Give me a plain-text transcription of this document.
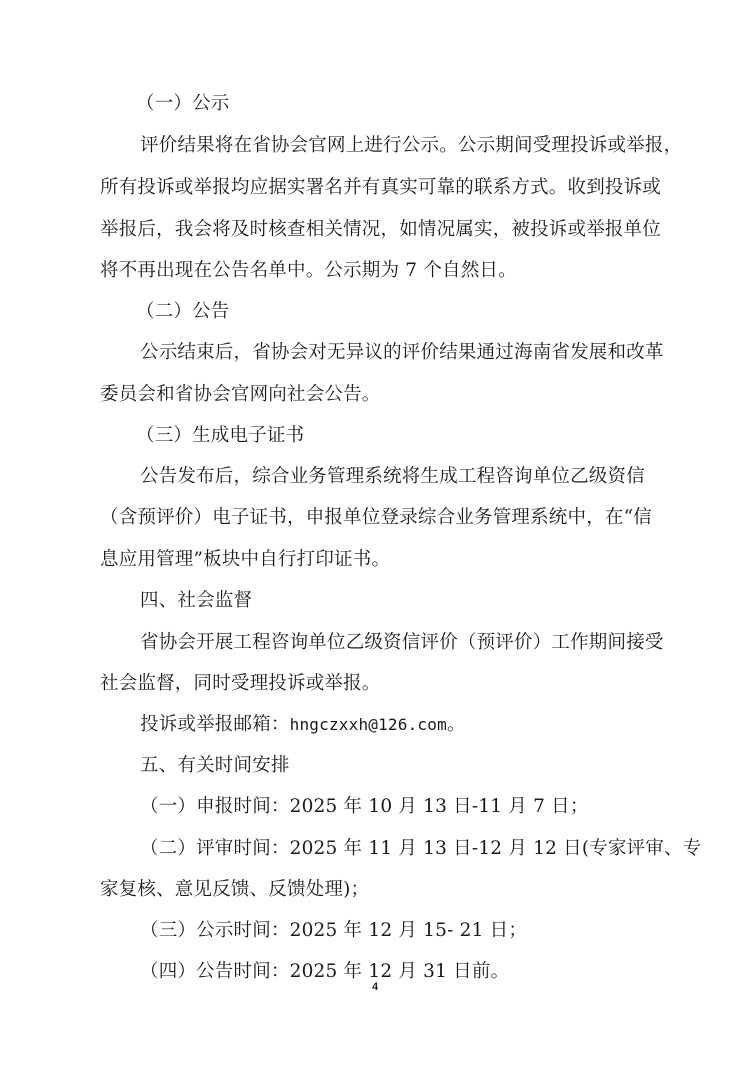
（一）公示
评价结果将在省协会官网上进行公示。公示期间受理投诉或举报，
所有投诉或举报均应据实署名并有真实可靠的联系方式。收到投诉或
举报后，我会将及时核查相关情况，如情况属实，被投诉或举报单位
将不再出现在公告名单中。公示期为 7 个自然日。
（二）公告
公示结束后，省协会对无异议的评价结果通过海南省发展和改革
委员会和省协会官网向社会公告。
（三）生成电子证书
公告发布后，综合业务管理系统将生成工程咨询单位乙级资信
（含预评价）电子证书，申报单位登录综合业务管理系统中，在“信
息应用管理”板块中自行打印证书。
四、社会监督
省协会开展工程咨询单位乙级资信评价（预评价）工作期间接受
社会监督，同时受理投诉或举报。
投诉或举报邮箱：hngczxxh@126.com。
五、有关时间安排
（一）申报时间：2025 年 10 月 13 日-11 月 7 日；
（二）评审时间：2025 年 11 月 13 日-12 月 12 日(专家评审、专
家复核、意见反馈、反馈处理)；
（三）公示时间：2025 年 12 月 15- 21 日；
（四）公告时间：2025 年 12 月 31 日前。
4
